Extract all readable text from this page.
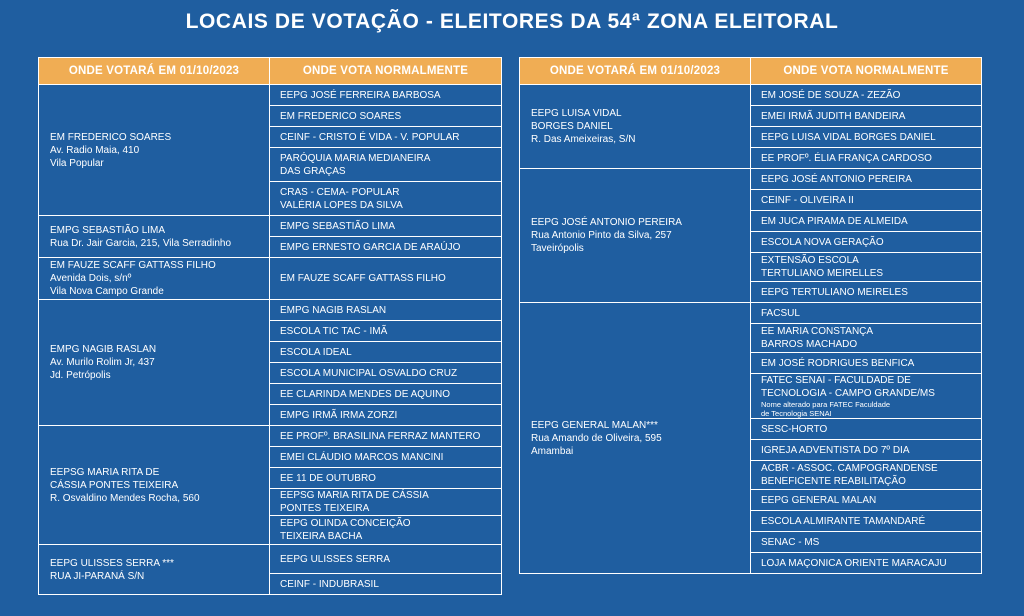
LOCAIS DE VOTAÇÃO - ELEITORES DA 54ª ZONA ELEITORAL
ONDE VOTARÁ EM 01/10/2023	ONDE VOTA NORMALMENTE

EM FREDERICO SOARES
Av. Radio Maia, 410
Vila Popular	EEPG JOSÉ FERREIRA BARBOSA

	EM FREDERICO SOARES

	CEINF - CRISTO É VIDA - V. POPULAR

	PARÓQUIA MARIA MEDIANEIRA
DAS GRAÇAS

	CRAS - CEMA- POPULAR
VALÉRIA LOPES DA SILVA

EMPG SEBASTIÃO LIMA
Rua Dr. Jair Garcia, 215, Vila Serradinho	EMPG SEBASTIÃO LIMA

	EMPG ERNESTO GARCIA DE ARAÚJO

EM FAUZE SCAFF GATTASS FILHO
Avenida Dois, s/nº
Vila Nova Campo Grande	EM FAUZE SCAFF GATTASS FILHO

EMPG NAGIB RASLAN
Av. Murilo Rolim Jr, 437
Jd. Petrópolis	EMPG NAGIB RASLAN

	ESCOLA TIC TAC - IMÃ

	ESCOLA IDEAL

	ESCOLA MUNICIPAL OSVALDO CRUZ

	EE CLARINDA MENDES DE AQUINO

	EMPG IRMÃ IRMA ZORZI

EEPSG MARIA RITA DE
CÁSSIA PONTES TEIXEIRA
R. Osvaldino Mendes Rocha, 560	EE PROFº. BRASILINA FERRAZ MANTERO

	EMEI CLÁUDIO MARCOS MANCINI

	EE 11 DE OUTUBRO

	EEPSG MARIA RITA DE CÁSSIA
PONTES TEIXEIRA

	EEPG OLINDA CONCEIÇÃO
TEIXEIRA BACHA

EEPG ULISSES SERRA ***
RUA JI-PARANÁ S/N	EEPG ULISSES SERRA

	CEINF - INDUBRASIL
ONDE VOTARÁ EM 01/10/2023	ONDE VOTA NORMALMENTE

EEPG LUISA VIDAL
BORGES DANIEL
R. Das Ameixeiras, S/N	EM JOSÉ DE SOUZA - ZEZÃO

	EMEI IRMÃ JUDITH BANDEIRA

	EEPG LUISA VIDAL BORGES DANIEL

	EE PROFº. ÉLIA FRANÇA CARDOSO

EEPG JOSÉ ANTONIO PEREIRA
Rua Antonio Pinto da Silva, 257
Taveirópolis	EEPG JOSÉ ANTONIO PEREIRA

	CEINF - OLIVEIRA II

	EM JUCA PIRAMA DE ALMEIDA

	ESCOLA NOVA GERAÇÃO

	EXTENSÃO ESCOLA
TERTULIANO MEIRELLES

	EEPG TERTULIANO MEIRELES

EEPG GENERAL MALAN***
Rua Amando de Oliveira, 595
Amambai	FACSUL

	EE MARIA CONSTANÇA
BARROS MACHADO

	EM JOSÉ RODRIGUES BENFICA

	FATEC SENAI - FACULDADE DE
TECNOLOGIA - CAMPO GRANDE/MS
Nome alterado para FATEC Faculdade
de Tecnologia SENAI

	SESC-HORTO

	IGREJA ADVENTISTA DO 7º DIA

	ACBR - ASSOC. CAMPOGRANDENSE
BENEFICENTE REABILITAÇÃO

	EEPG GENERAL MALAN

	ESCOLA ALMIRANTE TAMANDARÉ

	SENAC - MS

	LOJA MAÇONICA ORIENTE MARACAJU
